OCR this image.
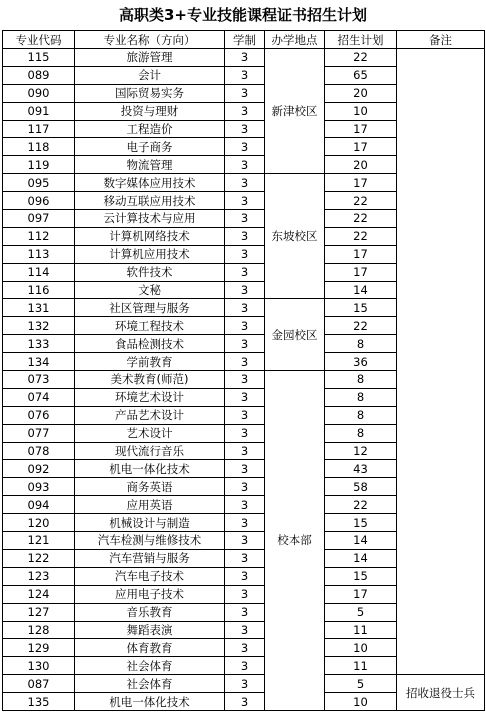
高职类3+专业技能课程证书招生计划
专业代码	专业名称（方向）	学制	办学地点	招生计划	备注
115	旅游管理	3	新津校区	22	
089	会计	3		65	
090	国际贸易实务	3		20	
091	投资与理财	3		10	
117	工程造价	3		17	
118	电子商务	3		17	
119	物流管理	3		20	
095	数字媒体应用技术	3	东坡校区	17	
096	移动互联应用技术	3		22	
097	云计算技术与应用	3		22	
112	计算机网络技术	3		22	
113	计算机应用技术	3		17	
114	软件技术	3		17	
116	文秘	3		14	
131	社区管理与服务	3	金园校区	15	
132	环境工程技术	3		22	
133	食品检测技术	3		8	
134	学前教育	3		36	
073	美术教育(师范)	3	校本部	8	
074	环境艺术设计	3		8	
076	产品艺术设计	3		8	
077	艺术设计	3		8	
078	现代流行音乐	3		12	
092	机电一体化技术	3		43	
093	商务英语	3		58	
094	应用英语	3		22	
120	机械设计与制造	3		15	
121	汽车检测与维修技术	3		14	
122	汽车营销与服务	3		14	
123	汽车电子技术	3		15	
124	应用电子技术	3		17	
127	音乐教育	3		5	
128	舞蹈表演	3		11	
129	体育教育	3		10	
130	社会体育	3		11	
087	社会体育	3		5	招收退役士兵
135	机电一体化技术	3		10	
